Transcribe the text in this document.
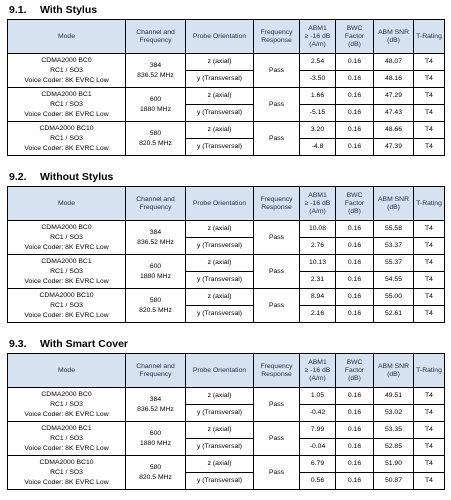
9.1. With Stylus
Mode	Channel and Frequency	Probe Orientation	Frequency Response	ABM1
≥ -16 dB
(A/m)	BWC
Factor
(dB)	ABM SNR (dB)	T-Rating

CDMA2000 BC0
RC1 / SO3
Voice Coder: 8K EVRC Low	384
836.52 MHz	z (axial)	Pass	2.54	0.16	48.07	T4
		y (Transversal)		-3.50	0.16	48.16	T4

CDMA2000 BC1
RC1 / SO3
Voice Coder: 8K EVRC Low	600
1880 MHz	z (axial)	Pass	1.66	0.16	47.29	T4
		y (Transversal)		-5.15	0.16	47.43	T4

CDMA2000 BC10
RC1 / SO3
Voice Coder: 8K EVRC Low	580
820.5 MHz	z (axial)	Pass	3.20	0.16	48.66	T4
		y (Transversal)		-4.8	0.16	47.39	T4
9.2. Without Stylus
Mode	Channel and Frequency	Probe Orientation	Frequency Response	ABM1
≥ -16 dB
(A/m)	BWC
Factor
(dB)	ABM SNR (dB)	T-Rating

CDMA2000 BC0
RC1 / SO3
Voice Coder: 8K EVRC Low	384
836.52 MHz	z (axial)	Pass	10.08	0.16	55.58	T4
		y (Transversal)		2.76	0.16	53.37	T4

CDMA2000 BC1
RC1 / SO3
Voice Coder: 8K EVRC Low	600
1880 MHz	z (axial)	Pass	10.13	0.16	55.37	T4
		y (Transversal)		2.31	0.16	54.55	T4

CDMA2000 BC10
RC1 / SO3
Voice Coder: 8K EVRC Low	580
820.5 MHz	z (axial)	Pass	8.94	0.16	55.00	T4
		y (Transversal)		2.16	0.16	52.61	T4
9.3. With Smart Cover
Mode	Channel and Frequency	Probe Orientation	Frequency Response	ABM1
≥ -16 dB
(A/m)	BWC
Factor
(dB)	ABM SNR (dB)	T-Rating

CDMA2000 BC0
RC1 / SO3
Voice Coder: 8K EVRC Low	384
836.52 MHz	z (axial)	Pass	1.05	0.16	49.51	T4
		y (Transversal)		-0.42	0.16	53.02	T4

CDMA2000 BC1
RC1 / SO3
Voice Coder: 8K EVRC Low	600
1880 MHz	z (axial)	Pass	7.99	0.16	53.35	T4
		y (Transversal)		-0.04	0.16	52.85	T4

CDMA2000 BC10
RC1 / SO3
Voice Coder: 8K EVRC Low	580
820.5 MHz	z (axial)	Pass	6.79	0.16	51.90	T4
		y (Transversal)		0.56	0.16	50.87	T4
